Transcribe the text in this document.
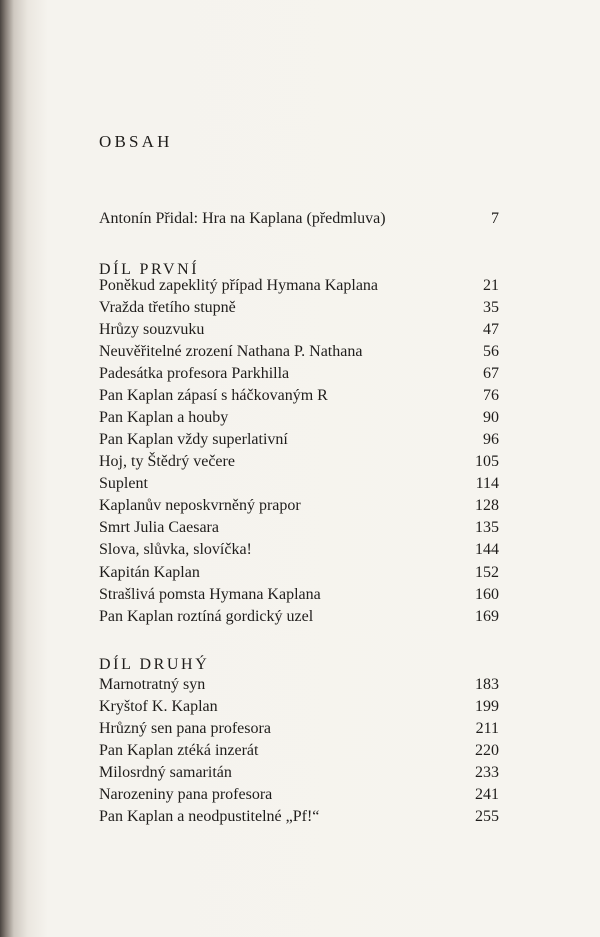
OBSAH
Antonín Přidal: Hra na Kaplana (předmluva)	7
DÍL PRVNÍ
Poněkud zapeklitý případ Hymana Kaplana	21
Vražda třetího stupně	35
Hrůzy souzvuku	47
Neuvěřitelné zrození Nathana P. Nathana	56
Padesátka profesora Parkhilla	67
Pan Kaplan zápasí s háčkovaným R	76
Pan Kaplan a houby	90
Pan Kaplan vždy superlativní	96
Hoj, ty Štědrý večere	105
Suplent	114
Kaplanův neposkvrněný prapor	128
Smrt Julia Caesara	135
Slova, slůvka, slovíčka!	144
Kapitán Kaplan	152
Strašlivá pomsta Hymana Kaplana	160
Pan Kaplan roztíná gordický uzel	169
DÍL DRUHÝ
Marnotratný syn	183
Kryštof K. Kaplan	199
Hrůzný sen pana profesora	211
Pan Kaplan ztéká inzerát	220
Milosrdný samaritán	233
Narozeniny pana profesora	241
Pan Kaplan a neodpustitelné „Pf!“	255
